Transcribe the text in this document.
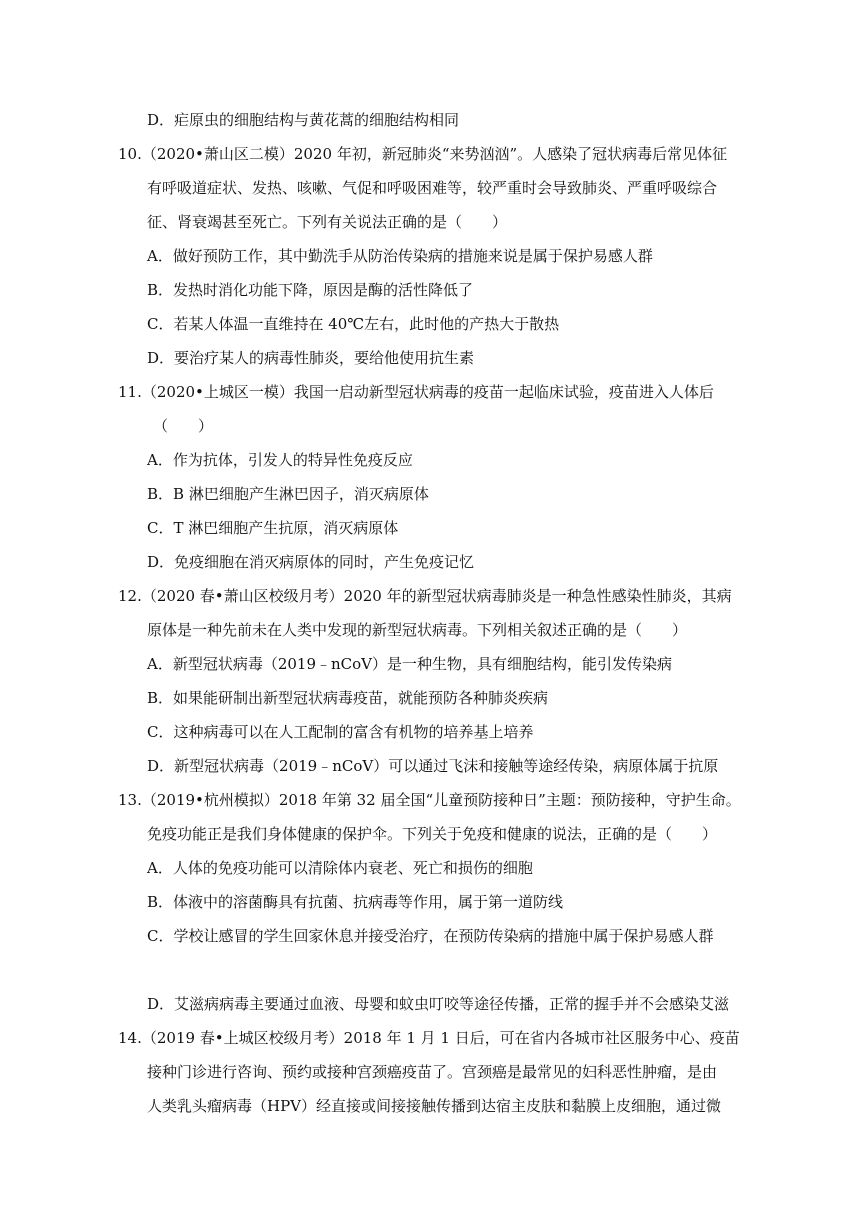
D．疟原虫的细胞结构与黄花蒿的细胞结构相同
10.（2020•萧山区二模）2020 年初，新冠肺炎“来势汹汹”。人感染了冠状病毒后常见体征
有呼吸道症状、发热、咳嗽、气促和呼吸困难等，较严重时会导致肺炎、严重呼吸综合
征、肾衰竭甚至死亡。下列有关说法正确的是（　　）
A．做好预防工作，其中勤洗手从防治传染病的措施来说是属于保护易感人群
B．发热时消化功能下降，原因是酶的活性降低了
C．若某人体温一直维持在 40℃左右，此时他的产热大于散热
D．要治疗某人的病毒性肺炎，要给他使用抗生素
11.（2020•上城区一模）我国一启动新型冠状病毒的疫苗一起临床试验，疫苗进入人体后
（　　）
A．作为抗体，引发人的特异性免疫反应
B．B 淋巴细胞产生淋巴因子，消灭病原体
C．T 淋巴细胞产生抗原，消灭病原体
D．免疫细胞在消灭病原体的同时，产生免疫记忆
12.（2020 春•萧山区校级月考）2020 年的新型冠状病毒肺炎是一种急性感染性肺炎，其病
原体是一种先前未在人类中发现的新型冠状病毒。下列相关叙述正确的是（　　）
A．新型冠状病毒（2019﹣nCoV）是一种生物，具有细胞结构，能引发传染病
B．如果能研制出新型冠状病毒疫苗，就能预防各种肺炎疾病
C．这种病毒可以在人工配制的富含有机物的培养基上培养
D．新型冠状病毒（2019﹣nCoV）可以通过飞沫和接触等途经传染，病原体属于抗原
13.（2019•杭州模拟）2018 年第 32 届全国“儿童预防接种日”主题：预防接种，守护生命。
免疫功能正是我们身体健康的保护伞。下列关于免疫和健康的说法，正确的是（　　）
A．人体的免疫功能可以清除体内衰老、死亡和损伤的细胞
B．体液中的溶菌酶具有抗菌、抗病毒等作用，属于第一道防线
C．学校让感冒的学生回家休息并接受治疗，在预防传染病的措施中属于保护易感人群
D．艾滋病病毒主要通过血液、母婴和蚊虫叮咬等途径传播，正常的握手并不会感染艾滋
14.（2019 春•上城区校级月考）2018 年 1 月 1 日后，可在省内各城市社区服务中心、疫苗
接种门诊进行咨询、预约或接种宫颈癌疫苗了。宫颈癌是最常见的妇科恶性肿瘤，是由
人类乳头瘤病毒（HPV）经直接或间接接触传播到达宿主皮肤和黏膜上皮细胞，通过微
